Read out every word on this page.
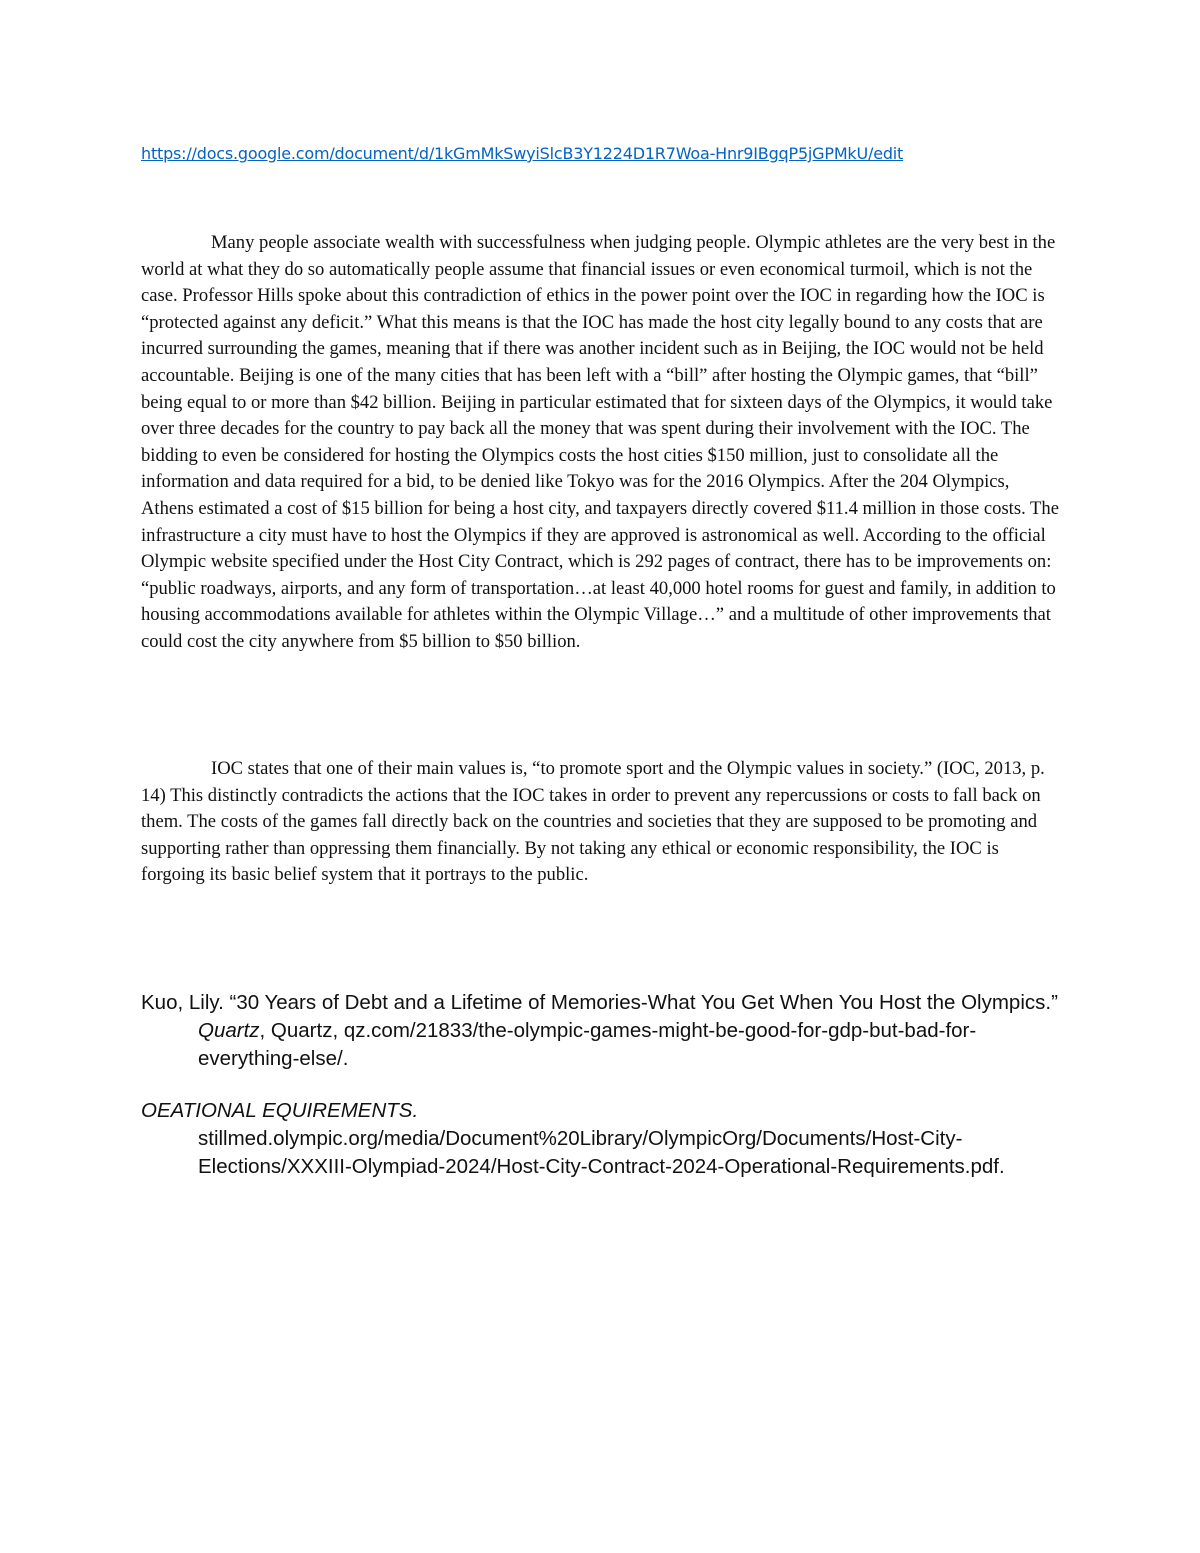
https://docs.google.com/document/d/1kGmMkSwyiSlcB3Y1224D1R7Woa-Hnr9IBgqP5jGPMkU/edit

Many people associate wealth with successfulness when judging people. Olympic athletes are the very best in the world at what they do so automatically people assume that financial issues or even economical turmoil, which is not the case. Professor Hills spoke about this contradiction of ethics in the power point over the IOC in regarding how the IOC is “protected against any deficit.” What this means is that the IOC has made the host city legally bound to any costs that are incurred surrounding the games, meaning that if there was another incident such as in Beijing, the IOC would not be held accountable. Beijing is one of the many cities that has been left with a “bill” after hosting the Olympic games, that “bill” being equal to or more than $42 billion. Beijing in particular estimated that for sixteen days of the Olympics, it would take over three decades for the country to pay back all the money that was spent during their involvement with the IOC. The bidding to even be considered for hosting the Olympics costs the host cities $150 million, just to consolidate all the information and data required for a bid, to be denied like Tokyo was for the 2016 Olympics. After the 204 Olympics, Athens estimated a cost of $15 billion for being a host city, and taxpayers directly covered $11.4 million in those costs. The infrastructure a city must have to host the Olympics if they are approved is astronomical as well. According to the official Olympic website specified under the Host City Contract, which is 292 pages of contract, there has to be improvements on: “public roadways, airports, and any form of transportation…at least 40,000 hotel rooms for guest and family, in addition to housing accommodations available for athletes within the Olympic Village…” and a multitude of other improvements that could cost the city anywhere from $5 billion to $50 billion.

IOC states that one of their main values is, “to promote sport and the Olympic values in society.” (IOC, 2013, p. 14) This distinctly contradicts the actions that the IOC takes in order to prevent any repercussions or costs to fall back on them. The costs of the games fall directly back on the countries and societies that they are supposed to be promoting and supporting rather than oppressing them financially. By not taking any ethical or economic responsibility, the IOC is forgoing its basic belief system that it portrays to the public.

Kuo, Lily. “30 Years of Debt and a Lifetime of Memories-What You Get When You Host the Olympics.” Quartz, Quartz, qz.com/21833/the-olympic-games-might-be-good-for-gdp-but-bad-for-everything-else/.

OEATIONAL EQUIREMENTS. stillmed.olympic.org/media/Document%20Library/OlympicOrg/Documents/Host-City-Elections/XXXIII-Olympiad-2024/Host-City-Contract-2024-Operational-Requirements.pdf.
